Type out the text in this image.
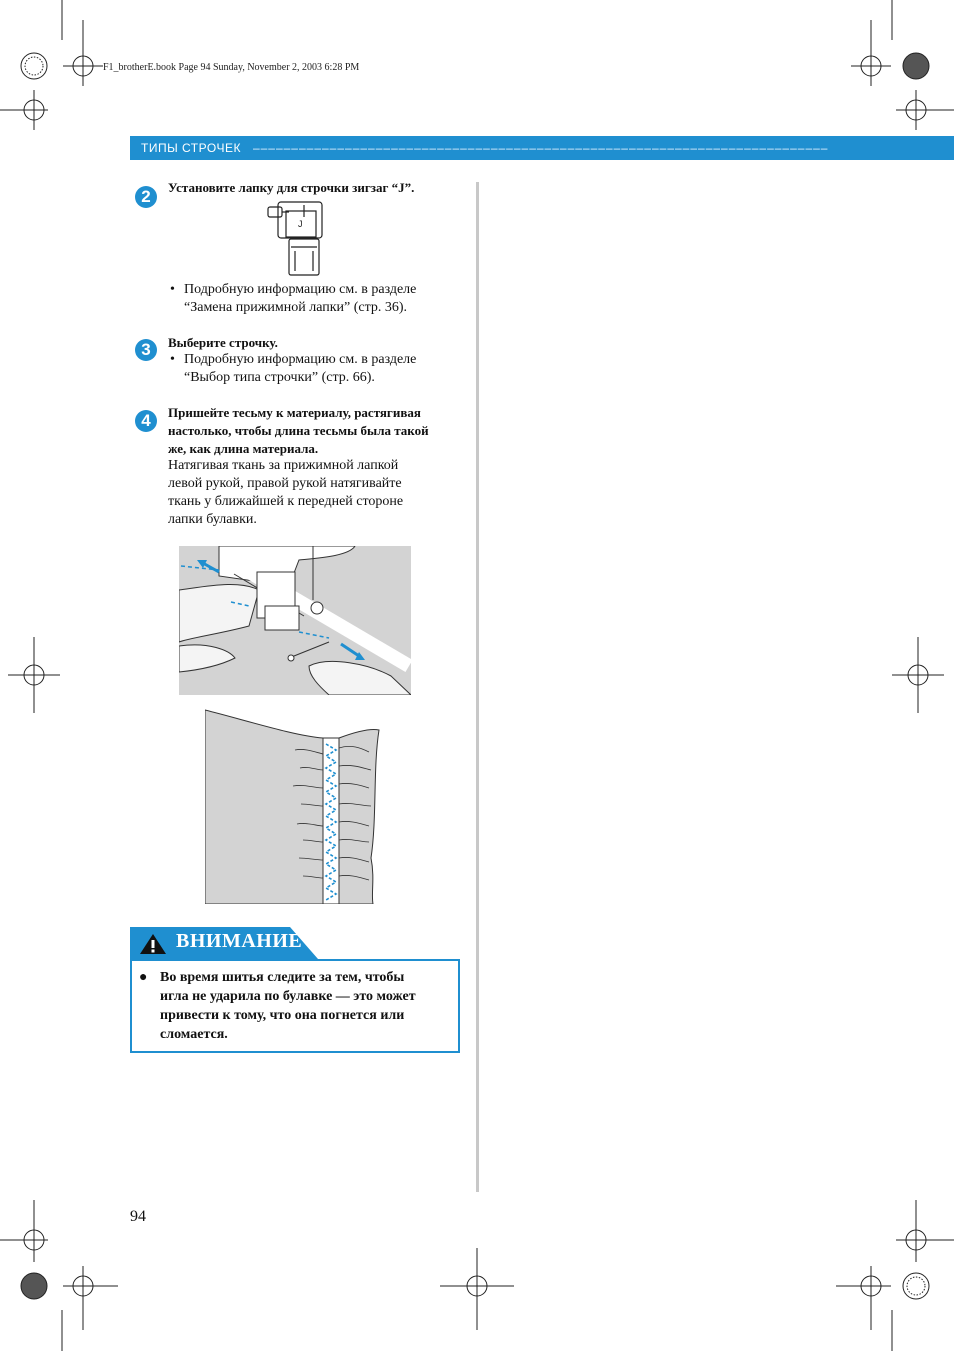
F1_brotherE.book Page 94 Sunday, November 2, 2003 6:28 PM
ТИПЫ СТРОЧЕК –––––––––––––––––––––––––––––––––––––––––––––––––––––––––––––––––––––––––––
2	Установите лапку для строчки зигзаг “J”.
J
• Подробную информацию см. в разделе
“Замена прижимной лапки” (стр. 36).
3	Выберите строчку.
• Подробную информацию см. в разделе
“Выбор типа строчки” (стр. 66).
4	Пришейте тесьму к материалу, растягивая
настолько, чтобы длина тесьмы была такой
же, как длина материала.
Натягивая ткань за прижимной лапкой
левой рукой, правой рукой натягивайте
ткань у ближайшей к передней стороне
лапки булавки.
ВНИМАНИЕ
● Во время шитья следите за тем, чтобы
игла не ударила по булавке — это может
привести к тому, что она погнется или
сломается.
94
